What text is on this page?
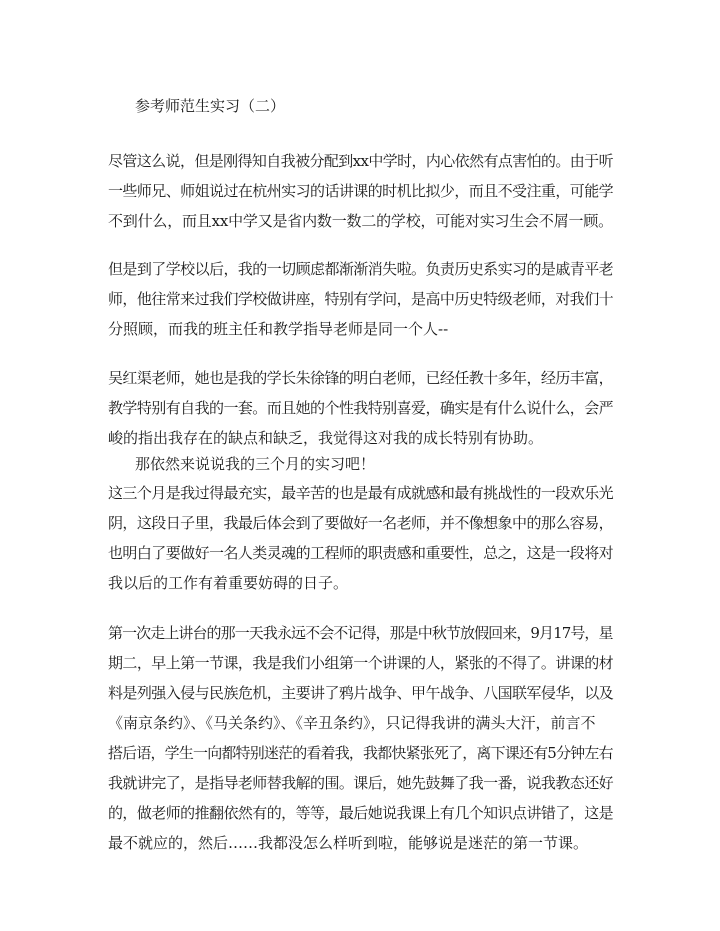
参考师范生实习（二）
尽管这么说，但是刚得知自我被分配到xx中学时，内心依然有点害怕的。由于听
一些师兄、师姐说过在杭州实习的话讲课的时机比拟少，而且不受注重，可能学
不到什么，而且xx中学又是省内数一数二的学校，可能对实习生会不屑一顾。
但是到了学校以后，我的一切顾虑都渐渐消失啦。负责历史系实习的是戚青平老
师，他往常来过我们学校做讲座，特别有学问，是高中历史特级老师，对我们十
分照顾，而我的班主任和教学指导老师是同一个人--
吴红渠老师，她也是我的学长朱徐锋的明白老师，已经任教十多年，经历丰富，
教学特别有自我的一套。而且她的个性我特别喜爱，确实是有什么说什么，会严
峻的指出我存在的缺点和缺乏，我觉得这对我的成长特别有协助。
那依然来说说我的三个月的实习吧！
这三个月是我过得最充实，最辛苦的也是最有成就感和最有挑战性的一段欢乐光
阴，这段日子里，我最后体会到了要做好一名老师，并不像想象中的那么容易，
也明白了要做好一名人类灵魂的工程师的职责感和重要性，总之，这是一段将对
我以后的工作有着重要妨碍的日子。
第一次走上讲台的那一天我永远不会不记得，那是中秋节放假回来，9月17号，星
期二，早上第一节课，我是我们小组第一个讲课的人，紧张的不得了。讲课的材
料是列强入侵与民族危机，主要讲了鸦片战争、甲午战争、八国联军侵华，以及
《南京条约》、《马关条约》、《辛丑条约》，只记得我讲的满头大汗，前言不
搭后语，学生一向都特别迷茫的看着我，我都快紧张死了，离下课还有5分钟左右
我就讲完了，是指导老师替我解的围。课后，她先鼓舞了我一番，说我教态还好
的，做老师的推翻依然有的，等等，最后她说我课上有几个知识点讲错了，这是
最不就应的，然后……我都没怎么样听到啦，能够说是迷茫的第一节课。
